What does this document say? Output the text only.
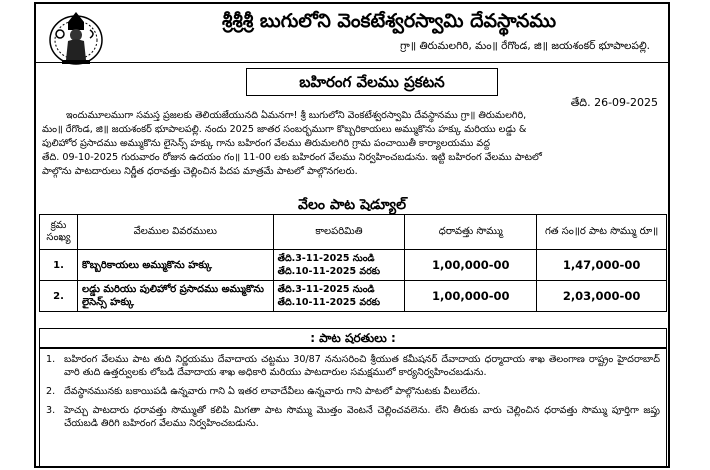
శ్రీశ్రీశ్రీ బుగులోని వెంకటేశ్వరస్వామి దేవస్థానము
గ్రా॥ తిరుమలగిరి, మం॥ రేగొండ, జి॥ జయశంకర్ భూపాలపల్లి.
బహిరంగ వేలము ప్రకటన
తేది. 26-09-2025

ఇందుమూలముగా సమస్త ప్రజలకు తెలియజేయునది ఏమనగా! శ్రీ బుగులోని వెంకటేశ్వరస్వామి దేవస్థానము గ్రా॥ తిరుమలగిరి,

మం॥ రేగొండ, జి॥ జయశంకర్ భూపాలపల్లి. నందు 2025 జాతర సంబర్భముగా కొబ్బరికాయలు అమ్ముకొను హక్కు మరియు లడ్డు &

పులిహోర ప్రసాదము అమ్ముకొను లైసెన్స్ హక్కు గాను బహిరంగ వేలము తిరుమలగిరి గ్రామ పంచాయితీ కార్యాలయము వద్ద

తేది. 09-10-2025 గురువారం రోజున ఉదయం గం॥ 11-00 లకు బహిరంగ వేలము నిర్వహించబడును. ఇట్టి బహిరంగ వేలము పాటలో

పాల్గొను పాటదారులు నిర్ణీత ధరావత్తు చెల్లించిన పిదప మాత్రమే పాటలో పాల్గొనగలరు.

వేలం పాట షెడ్యూల్
క్రమ సంఖ్య	వేలముల వివరములు	కాలపరిమితి	ధరావత్తు సొమ్ము	గత సం॥ర పాట సొమ్ము రూ॥
1.	కొబ్బరికాయలు అమ్ముకొను హక్కు	తేది.3-11-2025 నుండి
తేది.10-11-2025 వరకు	1,00,000-00	1,47,000-00
2.	లడ్డు మరియు పులిహోర ప్రసాదము అమ్ముకొను లైసెన్స్ హక్కు	తేది.3-11-2025 నుండి
తేది.10-11-2025 వరకు	1,00,000-00	2,03,000-00
: పాట షరతులు :
1. బహిరంగ వేలము పాట తుది నిర్ణయము దేవాదాయ చట్టము 30/87 ననుసరించి శ్రీయుత కమీషనర్ దేవాదాయ ధర్మాదాయ శాఖ తెలంగాణ రాష్ట్రం హైదరాబాద్ వారి తుది ఉత్తర్వులకు లోబడి దేవాదాయ శాఖ అధికారి మరియు పాటదారుల సమక్షములో కార్యనిర్వహించబడును.
2. దేవస్థానమునకు బకాయిపడి ఉన్నవారు గాని ఏ ఇతర లావాదేవీలు ఉన్నవారు గాని పాటలో పాల్గొనుటకు వీలులేదు.
3. హెచ్చు పాటదారు ధరావత్తు సొమ్ముతో కలిపి మిగతా పాట సొమ్ము మొత్తం వెంటనే చెల్లించవలెను. లేని తీరుకు వారు చెల్లించిన ధరావత్తు సొమ్ము పూర్తిగా జప్తు చేయబడి తిరిగి బహిరంగ వేలము నిర్వహించబడును.
